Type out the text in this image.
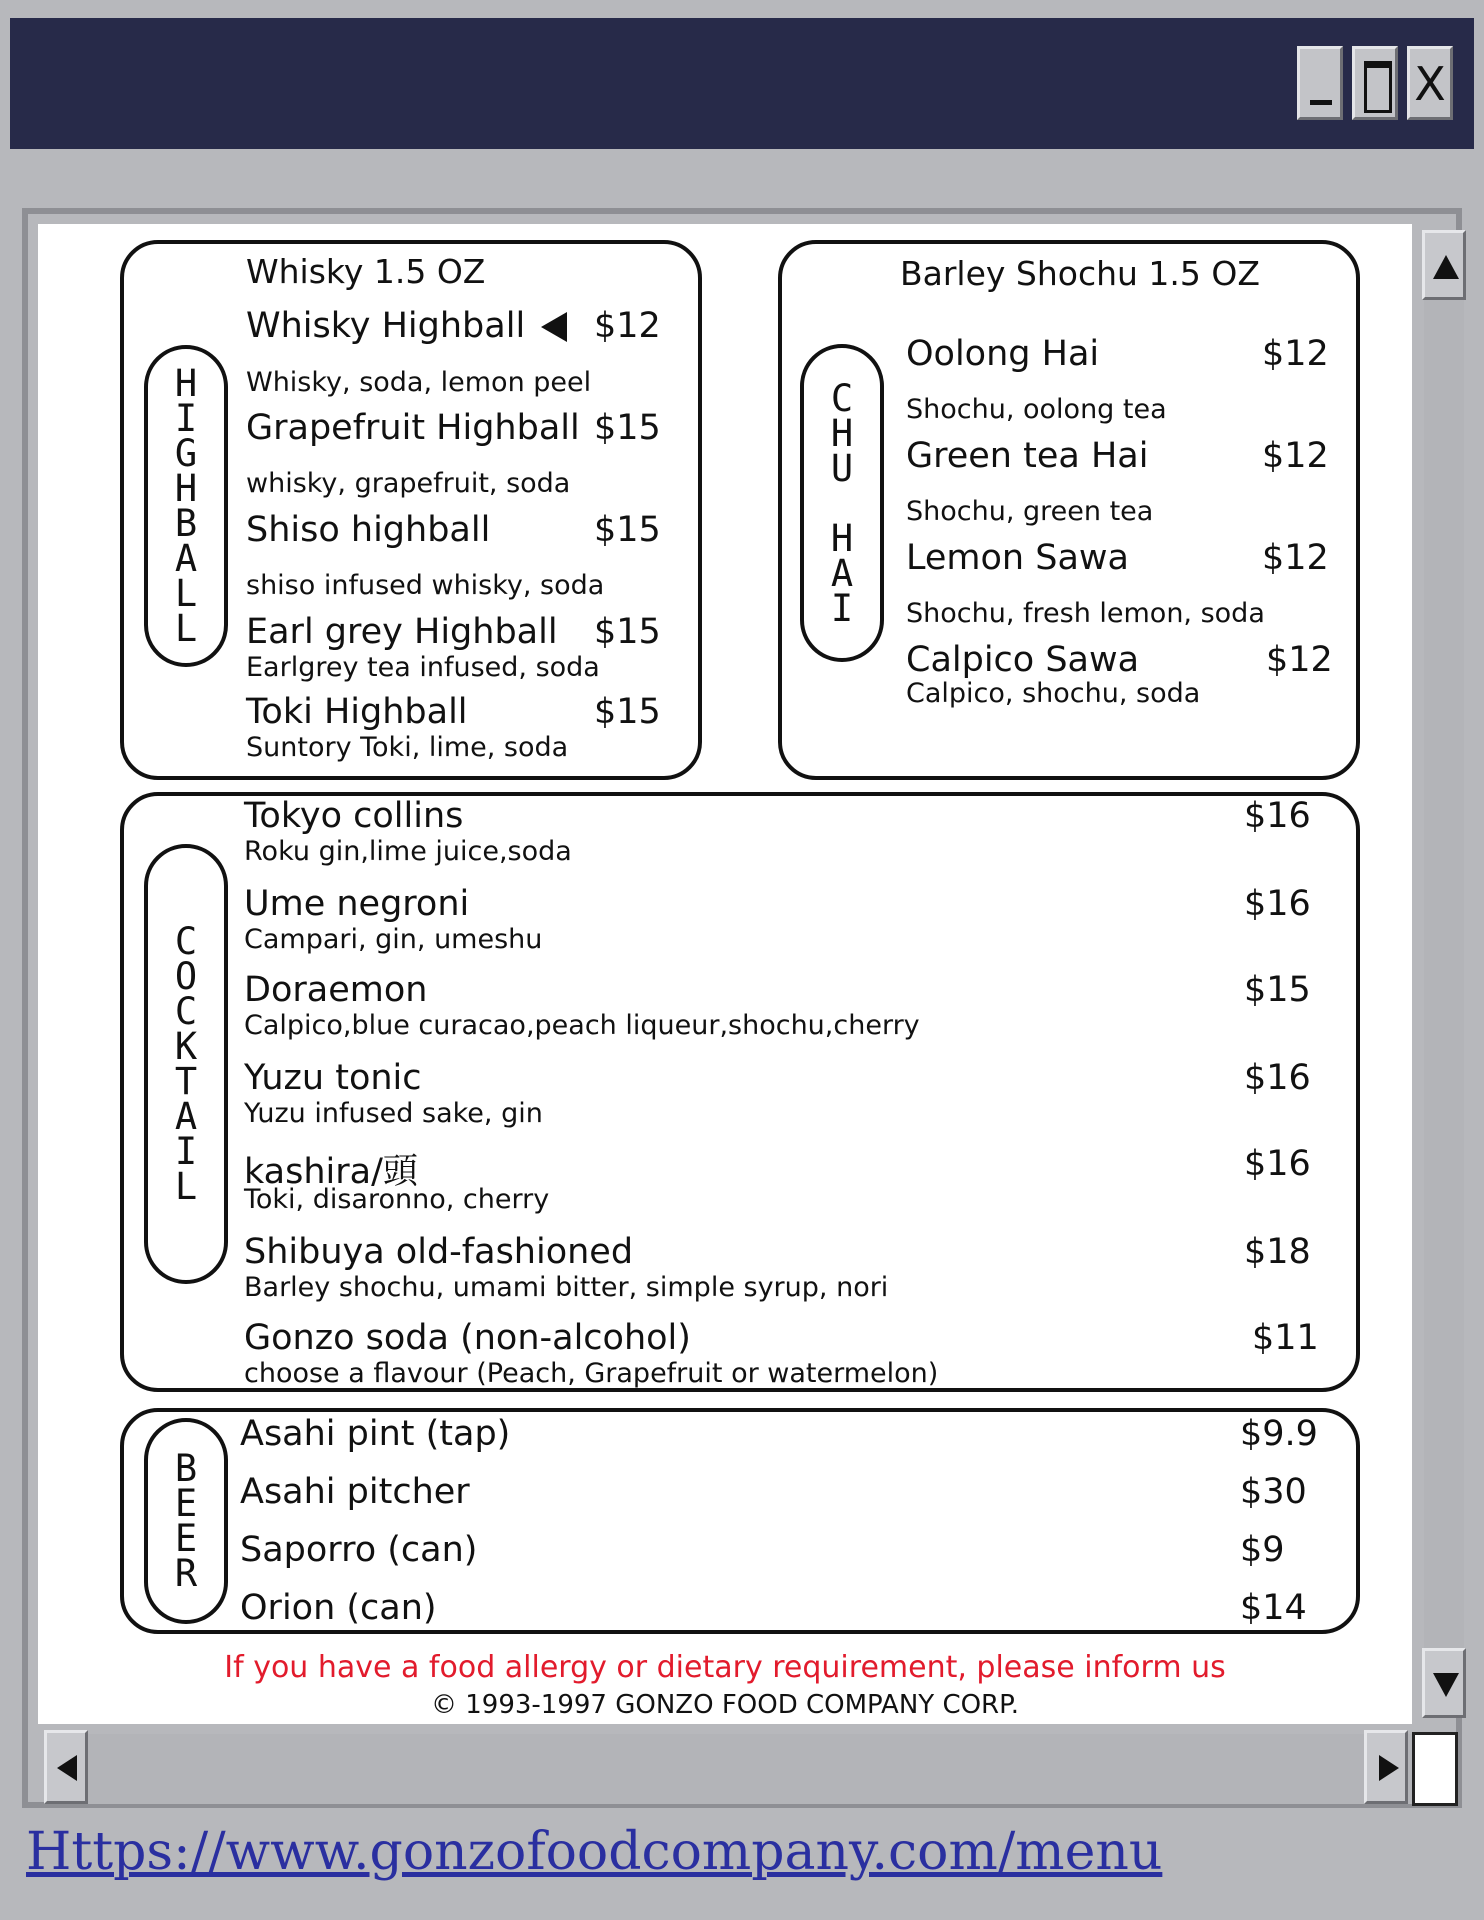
X
H
I
G
H
B
A
L
L
Whisky 1.5 OZ
Whisky Highball	$12
Whisky, soda, lemon peel
Grapefruit Highball $15
whisky, grapefruit, soda
Shiso highball	$15
shiso infused whisky, soda
Earl grey Highball $15
Earlgrey tea infused, soda
Toki Highball	$15
Suntory Toki, lime, soda
C
H
U

H
A
I
Barley Shochu 1.5 OZ
Oolong Hai	$12
Shochu, oolong tea
Green tea Hai	$12
Shochu, green tea
Lemon Sawa	$12
Shochu, fresh lemon, soda
Calpico Sawa	$12
Calpico, shochu, soda
C
O
C
K
T
A
I
L
Tokyo collins	$16
Roku gin,lime juice,soda
Ume negroni	$16
Campari, gin, umeshu
Doraemon	$15
Calpico,blue curacao,peach liqueur,shochu,cherry
Yuzu tonic	$16
Yuzu infused sake, gin
kashira/頭	$16
Toki, disaronno, cherry
Shibuya old-fashioned	$18
Barley shochu, umami bitter, simple syrup, nori
Gonzo soda (non-alcohol)	$11
choose a flavour (Peach, Grapefruit or watermelon)
B
E
E
R
Asahi pint (tap)	$9.9
Asahi pitcher	$30
Saporro (can)	$9
Orion (can)	$14
If you have a food allergy or dietary requirement, please inform us
© 1993-1997 GONZO FOOD COMPANY CORP.
Https://www.gonzofoodcompany.com/menu
